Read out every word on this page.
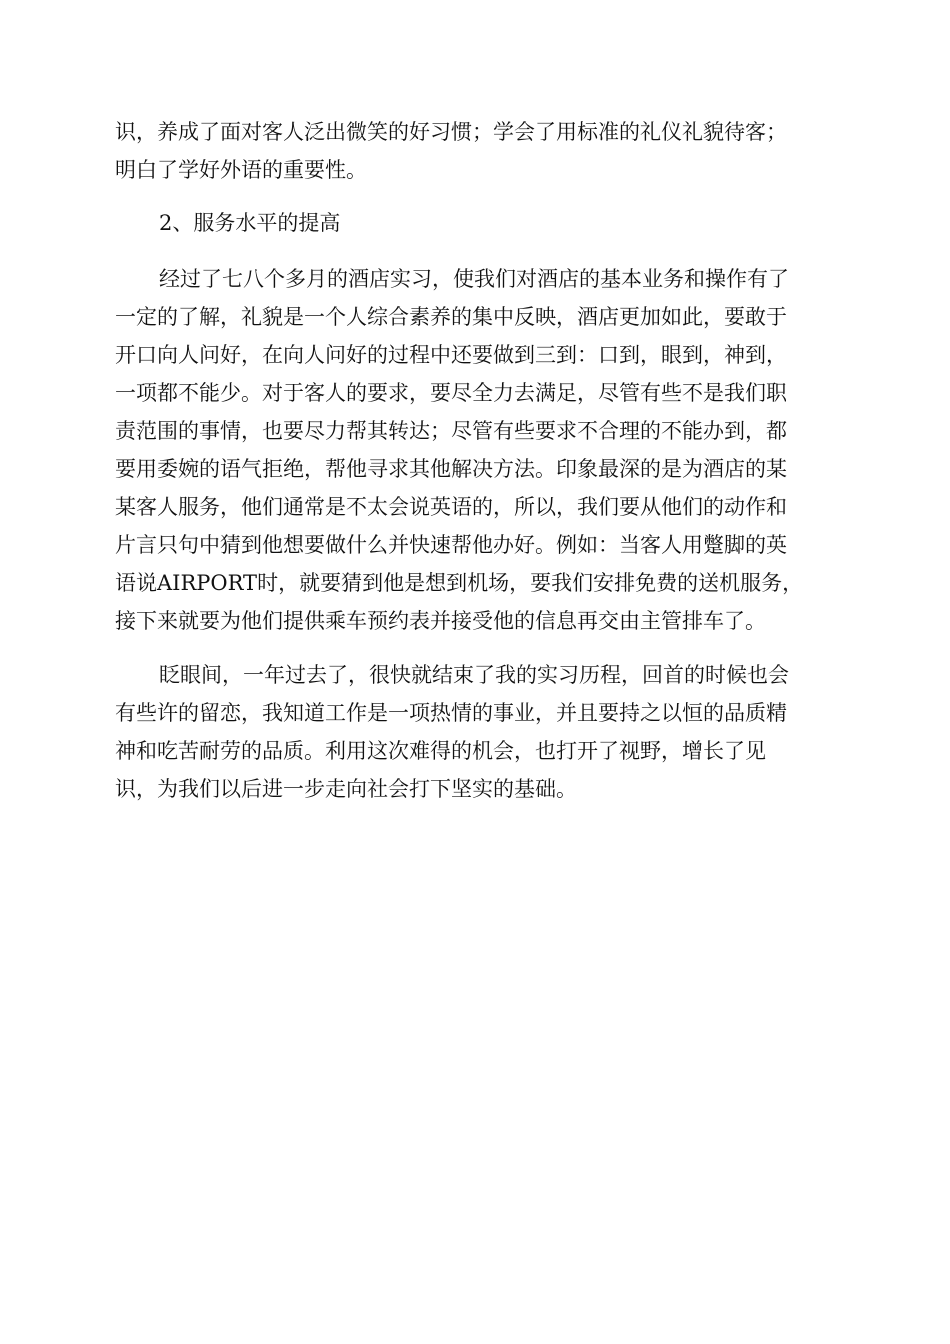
识，养成了面对客人泛出微笑的好习惯；学会了用标准的礼仪礼貌待客；
明白了学好外语的重要性。
2、服务水平的提高
经过了七八个多月的酒店实习，使我们对酒店的基本业务和操作有了
一定的了解，礼貌是一个人综合素养的集中反映，酒店更加如此，要敢于
开口向人问好，在向人问好的过程中还要做到三到：口到，眼到，神到，
一项都不能少。对于客人的要求，要尽全力去满足，尽管有些不是我们职
责范围的事情，也要尽力帮其转达；尽管有些要求不合理的不能办到，都
要用委婉的语气拒绝，帮他寻求其他解决方法。印象最深的是为酒店的某
某客人服务，他们通常是不太会说英语的，所以，我们要从他们的动作和
片言只句中猜到他想要做什么并快速帮他办好。例如：当客人用蹩脚的英
语说AIRPORT时，就要猜到他是想到机场，要我们安排免费的送机服务，
接下来就要为他们提供乘车预约表并接受他的信息再交由主管排车了。
眨眼间，一年过去了，很快就结束了我的实习历程，回首的时候也会
有些许的留恋，我知道工作是一项热情的事业，并且要持之以恒的品质精
神和吃苦耐劳的品质。利用这次难得的机会，也打开了视野，增长了见
识，为我们以后进一步走向社会打下坚实的基础。
